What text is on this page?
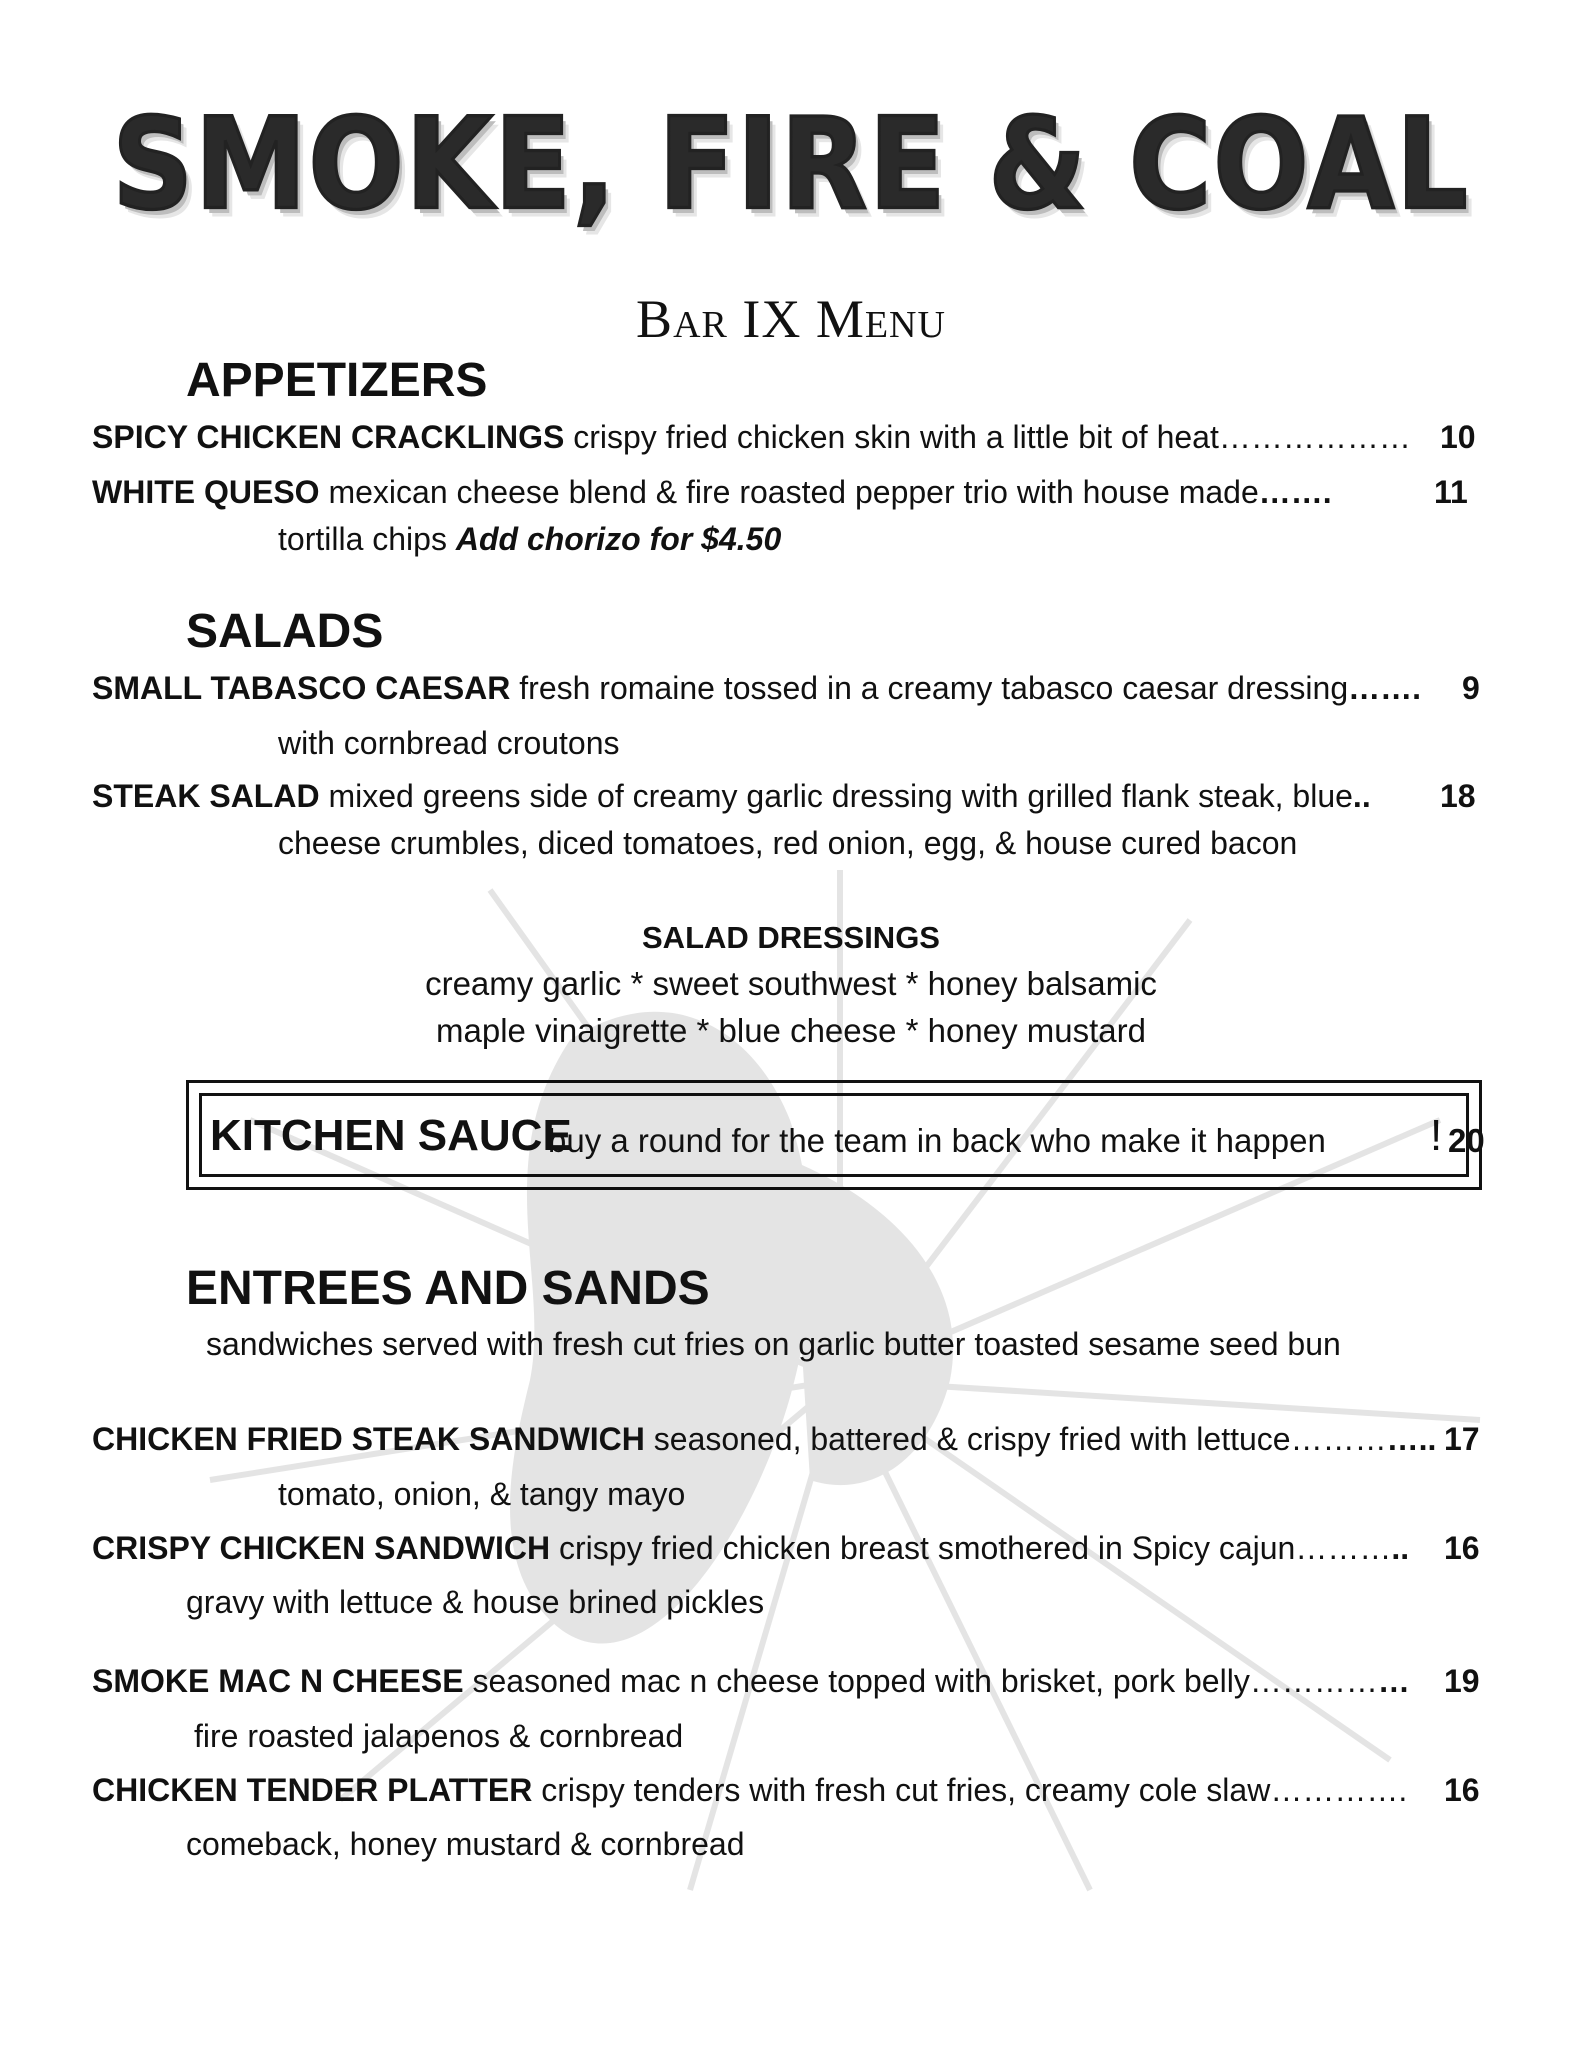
SMOKE, FIRE & COAL
Bar IX Menu
APPETIZERS
SPICY CHICKEN CRACKLINGS crispy fried chicken skin with a little bit of heat……………… 10
WHITE QUESO mexican cheese blend & fire roasted pepper trio with house made…….	11
tortilla chips Add chorizo for $4.50
SALADS
SMALL TABASCO CAESAR fresh romaine tossed in a creamy tabasco caesar dressing……. 9
with cornbread croutons
STEAK SALAD mixed greens side of creamy garlic dressing with grilled flank steak, blue.. 18
cheese crumbles, diced tomatoes, red onion, egg, & house cured bacon
SALAD DRESSINGS
creamy garlic * sweet southwest * honey balsamic
maple vinaigrette * blue cheese * honey mustard
KITCHEN SAUCE
buy a round for the team in back who make it happen ! 20
ENTREES AND SANDS
sandwiches served with fresh cut fries on garlic butter toasted sesame seed bun
CHICKEN FRIED STEAK SANDWICH seasoned, battered & crispy fried with lettuce………….. 17
tomato, onion, & tangy mayo
CRISPY CHICKEN SANDWICH crispy fried chicken breast smothered in Spicy cajun……….. 16
gravy with lettuce & house brined pickles
SMOKE MAC N CHEESE seasoned mac n cheese topped with brisket, pork belly…………… 19
fire roasted jalapenos & cornbread
CHICKEN TENDER PLATTER crispy tenders with fresh cut fries, creamy cole slaw…………. 16
comeback, honey mustard & cornbread
